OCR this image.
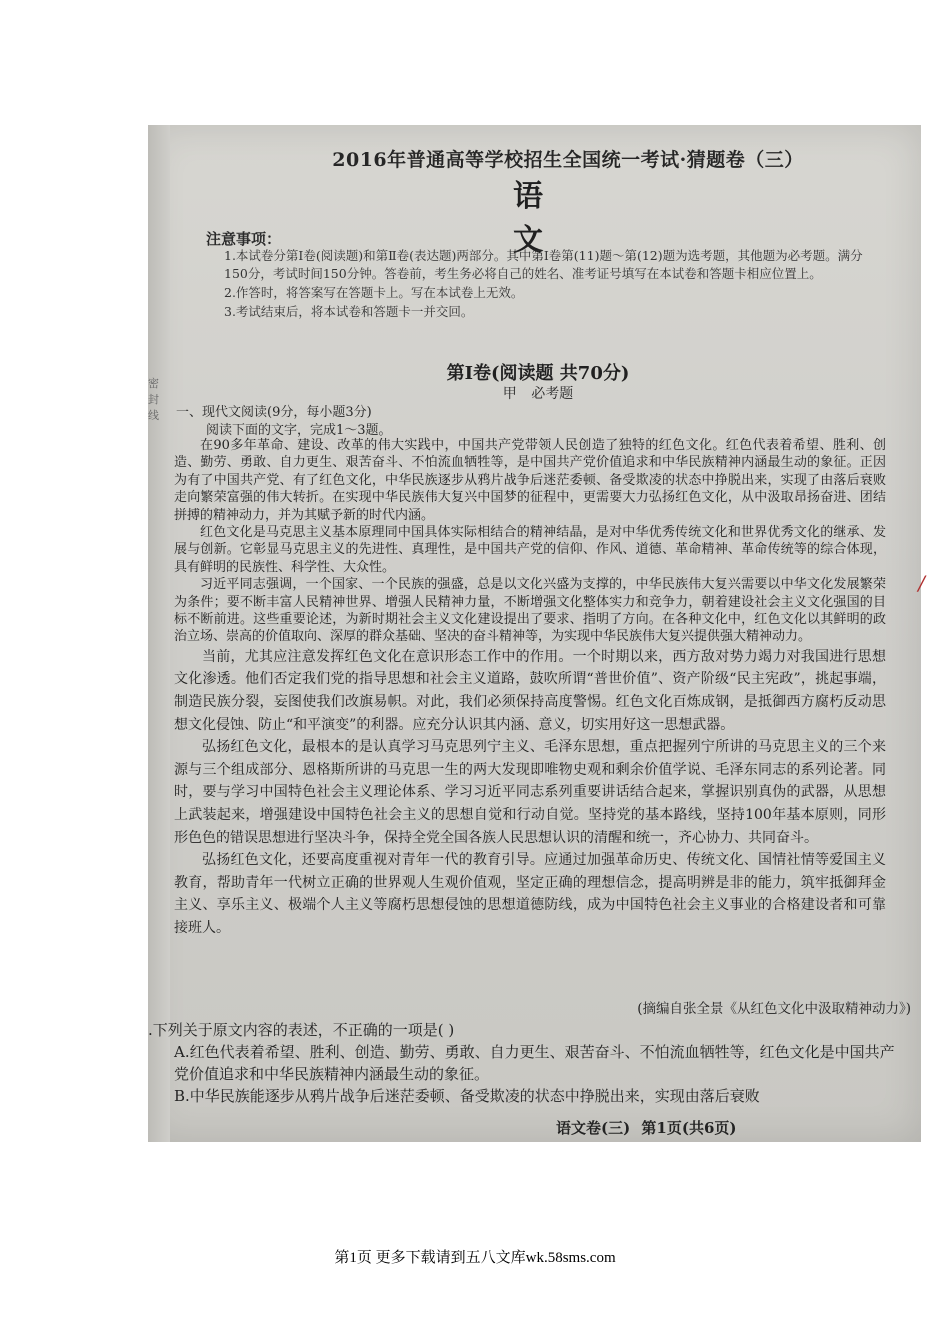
密封线
2016年普通高等学校招生全国统一考试·猜题卷（三）
语 文
注意事项：

1.本试卷分第Ⅰ卷(阅读题)和第Ⅱ卷(表达题)两部分。其中第Ⅰ卷第(11)题～第(12)题为选考题，其他题为必考题。满分150分，考试时间150分钟。答卷前，考生务必将自己的姓名、准考证号填写在本试卷和答题卡相应位置上。

2.作答时，将答案写在答题卡上。写在本试卷上无效。

3.考试结束后，将本试卷和答题卡一并交回。

第Ⅰ卷(阅读题 共70分)
甲 必考题
一、现代文阅读(9分，每小题3分)
阅读下面的文字，完成1～3题。

在90多年革命、建设、改革的伟大实践中，中国共产党带领人民创造了独特的红色文化。红色代表着希望、胜利、创造、勤劳、勇敢、自力更生、艰苦奋斗、不怕流血牺牲等，是中国共产党价值追求和中华民族精神内涵最生动的象征。正因为有了中国共产党、有了红色文化，中华民族逐步从鸦片战争后迷茫委顿、备受欺凌的状态中挣脱出来，实现了由落后衰败走向繁荣富强的伟大转折。在实现中华民族伟大复兴中国梦的征程中，更需要大力弘扬红色文化，从中汲取昂扬奋进、团结拼搏的精神动力，并为其赋予新的时代内涵。

红色文化是马克思主义基本原理同中国具体实际相结合的精神结晶，是对中华优秀传统文化和世界优秀文化的继承、发展与创新。它彰显马克思主义的先进性、真理性，是中国共产党的信仰、作风、道德、革命精神、革命传统等的综合体现，具有鲜明的民族性、科学性、大众性。

习近平同志强调，一个国家、一个民族的强盛，总是以文化兴盛为支撑的，中华民族伟大复兴需要以中华文化发展繁荣为条件；要不断丰富人民精神世界、增强人民精神力量，不断增强文化整体实力和竞争力，朝着建设社会主义文化强国的目标不断前进。这些重要论述，为新时期社会主义文化建设提出了要求、指明了方向。在各种文化中，红色文化以其鲜明的政治立场、崇高的价值取向、深厚的群众基础、坚决的奋斗精神等，为实现中华民族伟大复兴提供强大精神动力。

当前，尤其应注意发挥红色文化在意识形态工作中的作用。一个时期以来，西方敌对势力竭力对我国进行思想文化渗透。他们否定我们党的指导思想和社会主义道路，鼓吹所谓“普世价值”、资产阶级“民主宪政”，挑起事端，制造民族分裂，妄图使我们改旗易帜。对此，我们必须保持高度警惕。红色文化百炼成钢，是抵御西方腐朽反动思想文化侵蚀、防止“和平演变”的利器。应充分认识其内涵、意义，切实用好这一思想武器。

弘扬红色文化，最根本的是认真学习马克思列宁主义、毛泽东思想，重点把握列宁所讲的马克思主义的三个来源与三个组成部分、恩格斯所讲的马克思一生的两大发现即唯物史观和剩余价值学说、毛泽东同志的系列论著。同时，要与学习中国特色社会主义理论体系、学习习近平同志系列重要讲话结合起来，掌握识别真伪的武器，从思想上武装起来，增强建设中国特色社会主义的思想自觉和行动自觉。坚持党的基本路线，坚持100年基本原则，同形形色色的错误思想进行坚决斗争，保持全党全国各族人民思想认识的清醒和统一，齐心协力、共同奋斗。

弘扬红色文化，还要高度重视对青年一代的教育引导。应通过加强革命历史、传统文化、国情社情等爱国主义教育，帮助青年一代树立正确的世界观人生观价值观，坚定正确的理想信念，提高明辨是非的能力，筑牢抵御拜金主义、享乐主义、极端个人主义等腐朽思想侵蚀的思想道德防线，成为中国特色社会主义事业的合格建设者和可靠接班人。

(摘编自张全景《从红色文化中汲取精神动力》)

.下列关于原文内容的表述，不正确的一项是( )

A.红色代表着希望、胜利、创造、勤劳、勇敢、自力更生、艰苦奋斗、不怕流血牺牲等，红色文化是中国共产党价值追求和中华民族精神内涵最生动的象征。

B.中华民族能逐步从鸦片战争后迷茫委顿、备受欺凌的状态中挣脱出来，实现由落后衰败

语文卷(三) 第1页(共6页)
/
第1页 更多下载请到五八文库wk.58sms.com
